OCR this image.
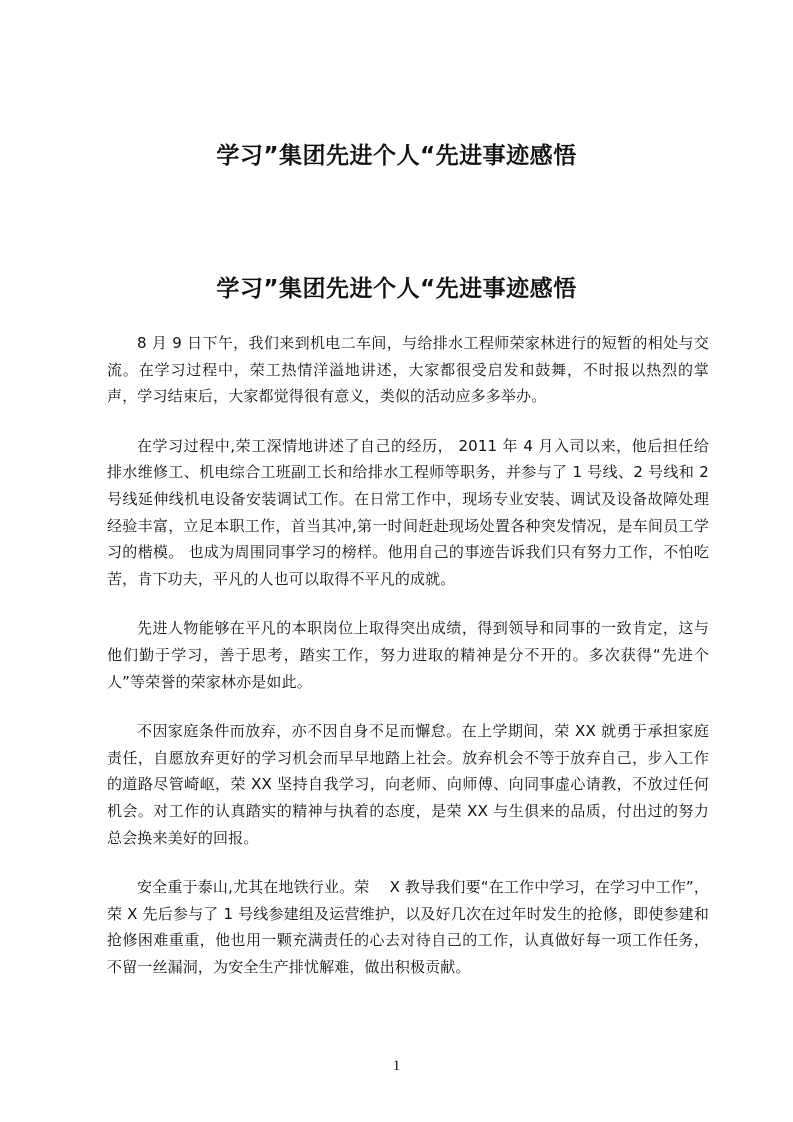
学习”集团先进个人“先进事迹感悟
学习”集团先进个人“先进事迹感悟

8 月 9 日下午，我们来到机电二车间，与给排水工程师荣家林进行的短暂的相处与交流。在学习过程中，荣工热情洋溢地讲述，大家都很受启发和鼓舞，不时报以热烈的掌声，学习结束后，大家都觉得很有意义，类似的活动应多多举办。

在学习过程中,荣工深情地讲述了自己的经历， 2011 年 4 月入司以来，他后担任给排水维修工、机电综合工班副工长和给排水工程师等职务，并参与了 1 号线、2 号线和 2 号线延伸线机电设备安装调试工作。在日常工作中，现场专业安装、调试及设备故障处理经验丰富，立足本职工作，首当其冲,第一时间赶赴现场处置各种突发情况，是车间员工学习的楷模。 也成为周围同事学习的榜样。他用自己的事迹告诉我们只有努力工作，不怕吃苦，肯下功夫，平凡的人也可以取得不平凡的成就。

先进人物能够在平凡的本职岗位上取得突出成绩，得到领导和同事的一致肯定，这与他们勤于学习，善于思考，踏实工作，努力进取的精神是分不开的。多次获得“先进个人”等荣誉的荣家林亦是如此。

不因家庭条件而放弃，亦不因自身不足而懈怠。在上学期间，荣 XX 就勇于承担家庭责任，自愿放弃更好的学习机会而早早地踏上社会。放弃机会不等于放弃自己，步入工作的道路尽管崎岖，荣 XX 坚持自我学习，向老师、向师傅、向同事虚心请教，不放过任何机会。对工作的认真踏实的精神与执着的态度，是荣 XX 与生俱来的品质，付出过的努力总会换来美好的回报。

安全重于泰山,尤其在地铁行业。荣　 X 教导我们要“在工作中学习，在学习中工作”，荣 X 先后参与了 1 号线参建组及运营维护，以及好几次在过年时发生的抢修，即使参建和抢修困难重重，他也用一颗充满责任的心去对待自己的工作，认真做好每一项工作任务，不留一丝漏洞，为安全生产排忧解难，做出积极贡献。

1
